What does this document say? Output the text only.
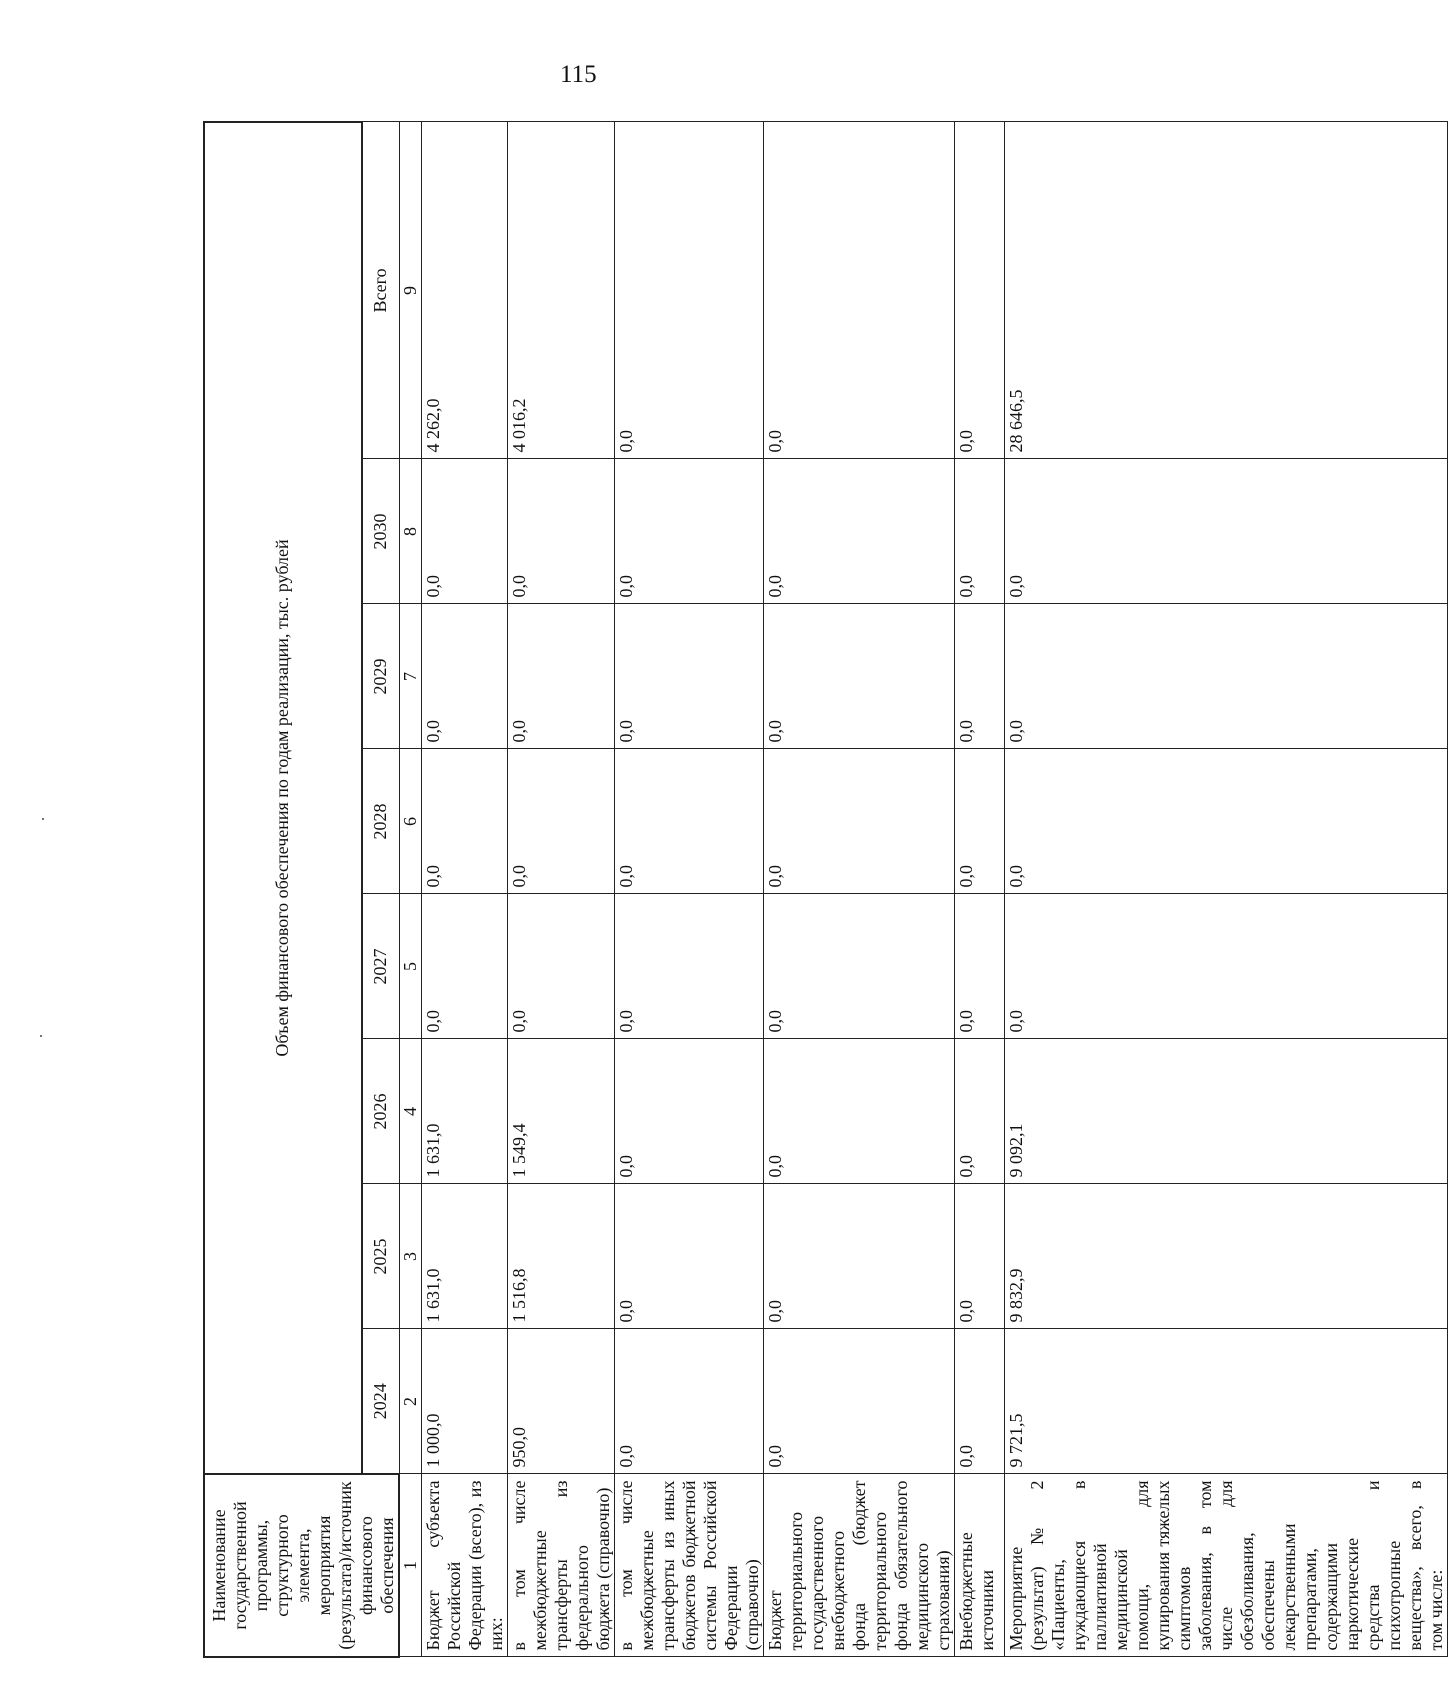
115
Наименование государственной программы, структурного элемента, мероприятия (результата)/источник финансового обеспечения	Объем финансового обеспечения по годам реализации, тыс. рублей							
	2024	2025	2026	2027	2028	2029	2030	Всего
1	2	3	4	5	6	7	8	9
Бюджет субъекта Российской Федерации (всего), из них:	1 000,0	1 631,0	1 631,0	0,0	0,0	0,0	0,0	4 262,0
в том числе межбюджетные трансферты из федерального бюджета (справочно)	950,0	1 516,8	1 549,4	0,0	0,0	0,0	0,0	4 016,2
в том числе межбюджетные трансферты из иных бюджетов бюджетной системы Российской Федерации (справочно)	0,0	0,0	0,0	0,0	0,0	0,0	0,0	0,0
Бюджет территориального государственного внебюджетного фонда (бюджет территориального фонда обязательного медицинского страхования)	0,0	0,0	0,0	0,0	0,0	0,0	0,0	0,0
Внебюджетные источники	0,0	0,0	0,0	0,0	0,0	0,0	0,0	0,0
Мероприятие (результат) № 2 «Пациенты, нуждающиеся в паллиативной медицинской помощи, для купирования тяжелых симптомов заболевания, в том числе для обезболивания, обеспечены лекарственными препаратами, содержащими наркотические средства и психотропные вещества», всего, в том числе:	9 721,5	9 832,9	9 092,1	0,0	0,0	0,0	0,0	28 646,5
